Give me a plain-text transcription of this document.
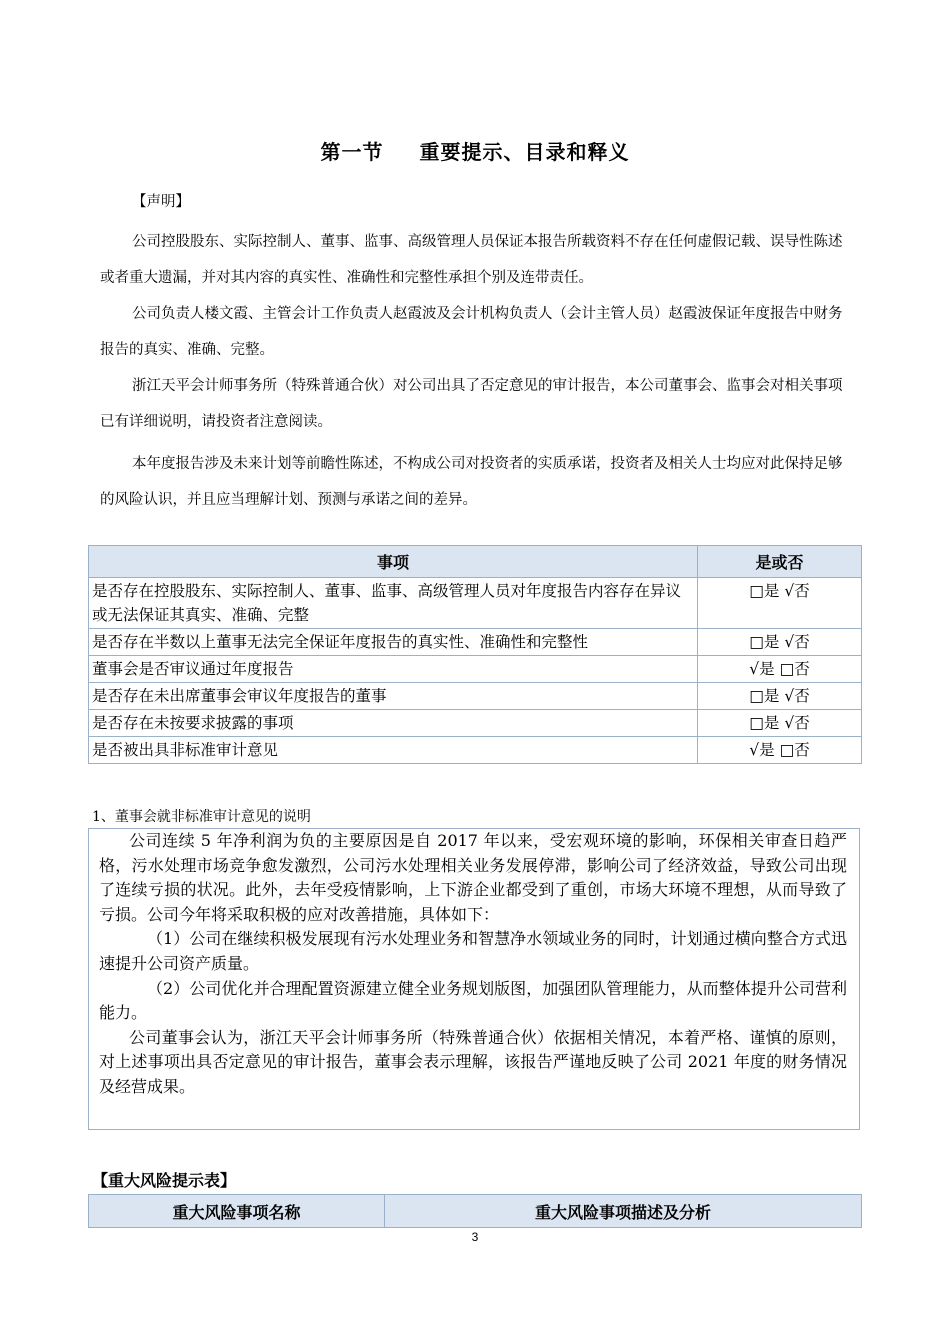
第一节 重要提示、目录和释义
【声明】
公司控股股东、实际控制人、董事、监事、高级管理人员保证本报告所载资料不存在任何虚假记载、误导性陈述或者重大遗漏，并对其内容的真实性、准确性和完整性承担个别及连带责任。
公司负责人楼文霞、主管会计工作负责人赵霞波及会计机构负责人（会计主管人员）赵霞波保证年度报告中财务报告的真实、准确、完整。
浙江天平会计师事务所（特殊普通合伙）对公司出具了否定意见的审计报告，本公司董事会、监事会对相关事项已有详细说明，请投资者注意阅读。
本年度报告涉及未来计划等前瞻性陈述，不构成公司对投资者的实质承诺，投资者及相关人士均应对此保持足够的风险认识，并且应当理解计划、预测与承诺之间的差异。
事项	是或否
是否存在控股股东、实际控制人、董事、监事、高级管理人员对年度报告内容存在异议或无法保证其真实、准确、完整	□是 √否
是否存在半数以上董事无法完全保证年度报告的真实性、准确性和完整性	□是 √否
董事会是否审议通过年度报告	√是 □否
是否存在未出席董事会审议年度报告的董事	□是 √否
是否存在未按要求披露的事项	□是 √否
是否被出具非标准审计意见	√是 □否
1、董事会就非标准审计意见的说明

公司连续 5 年净利润为负的主要原因是自 2017 年以来，受宏观环境的影响，环保相关审查日趋严格，污水处理市场竞争愈发激烈，公司污水处理相关业务发展停滞，影响公司了经济效益，导致公司出现了连续亏损的状况。此外，去年受疫情影响，上下游企业都受到了重创，市场大环境不理想，从而导致了亏损。公司今年将采取积极的应对改善措施，具体如下：

（1）公司在继续积极发展现有污水处理业务和智慧净水领域业务的同时，计划通过横向整合方式迅速提升公司资产质量。

（2）公司优化并合理配置资源建立健全业务规划版图，加强团队管理能力，从而整体提升公司营利能力。

公司董事会认为，浙江天平会计师事务所（特殊普通合伙）依据相关情况，本着严格、谨慎的原则，对上述事项出具否定意见的审计报告，董事会表示理解，该报告严谨地反映了公司 2021 年度的财务情况及经营成果。

【重大风险提示表】
重大风险事项名称	重大风险事项描述及分析
3
